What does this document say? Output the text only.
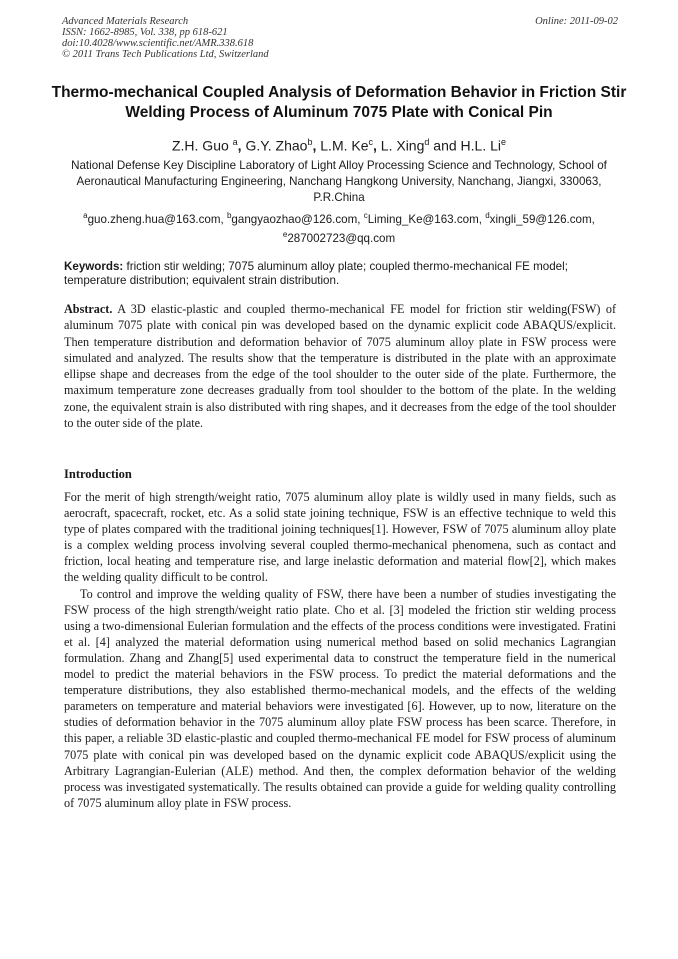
Advanced Materials Research
ISSN: 1662-8985, Vol. 338, pp 618-621
doi:10.4028/www.scientific.net/AMR.338.618
© 2011 Trans Tech Publications Ltd, Switzerland
Online: 2011-09-02
Thermo-mechanical Coupled Analysis of Deformation Behavior in Friction Stir Welding Process of Aluminum 7075 Plate with Conical Pin
Z.H. Guo $^a$, G.Y. Zhao$^b$, L.M. Ke$^c$, L. Xing$^d$ and H.L. Li$^e$
National Defense Key Discipline Laboratory of Light Alloy Processing Science and Technology, School of Aeronautical Manufacturing Engineering, Nanchang Hangkong University, Nanchang, Jiangxi, 330063, P.R.China
$^a$guo.zheng.hua@163.com, $^b$gangyaozhao@126.com, $^c$Liming_Ke@163.com, $^d$xingli_59@126.com,
$^e$287002723@qq.com
Keywords: friction stir welding; 7075 aluminum alloy plate; coupled thermo-mechanical FE model; temperature distribution; equivalent strain distribution.
Abstract. A 3D elastic-plastic and coupled thermo-mechanical FE model for friction stir welding(FSW) of aluminum 7075 plate with conical pin was developed based on the dynamic explicit code ABAQUS/explicit. Then temperature distribution and deformation behavior of 7075 aluminum alloy plate in FSW process were simulated and analyzed. The results show that the temperature is distributed in the plate with an approximate ellipse shape and decreases from the edge of the tool shoulder to the outer side of the plate. Furthermore, the maximum temperature zone decreases gradually from tool shoulder to the bottom of the plate. In the welding zone, the equivalent strain is also distributed with ring shapes, and it decreases from the edge of the tool shoulder to the outer side of the plate.
Introduction

For the merit of high strength/weight ratio, 7075 aluminum alloy plate is wildly used in many fields, such as aerocraft, spacecraft, rocket, etc. As a solid state joining technique, FSW is an effective technique to weld this type of plates compared with the traditional joining techniques[1]. However, FSW of 7075 aluminum alloy plate is a complex welding process involving several coupled thermo-mechanical phenomena, such as contact and friction, local heating and temperature rise, and large inelastic deformation and material flow[2], which makes the welding quality difficult to be control.

To control and improve the welding quality of FSW, there have been a number of studies investigating the FSW process of the high strength/weight ratio plate. Cho et al. [3] modeled the friction stir welding process using a two-dimensional Eulerian formulation and the effects of the process conditions were investigated. Fratini et al. [4] analyzed the material deformation using numerical method based on solid mechanics Lagrangian formulation. Zhang and Zhang[5] used experimental data to construct the temperature field in the numerical model to predict the material behaviors in the FSW process. To predict the material deformations and the temperature distributions, they also established thermo-mechanical models, and the effects of the welding parameters on temperature and material behaviors were investigated [6]. However, up to now, literature on the studies of deformation behavior in the 7075 aluminum alloy plate FSW process has been scarce. Therefore, in this paper, a reliable 3D elastic-plastic and coupled thermo-mechanical FE model for FSW process of aluminum 7075 plate with conical pin was developed based on the dynamic explicit code ABAQUS/explicit using the Arbitrary Lagrangian‐Eulerian (ALE) method. And then, the complex deformation behavior of the welding process was investigated systematically. The results obtained can provide a guide for welding quality controlling of 7075 aluminum alloy plate in FSW process.
